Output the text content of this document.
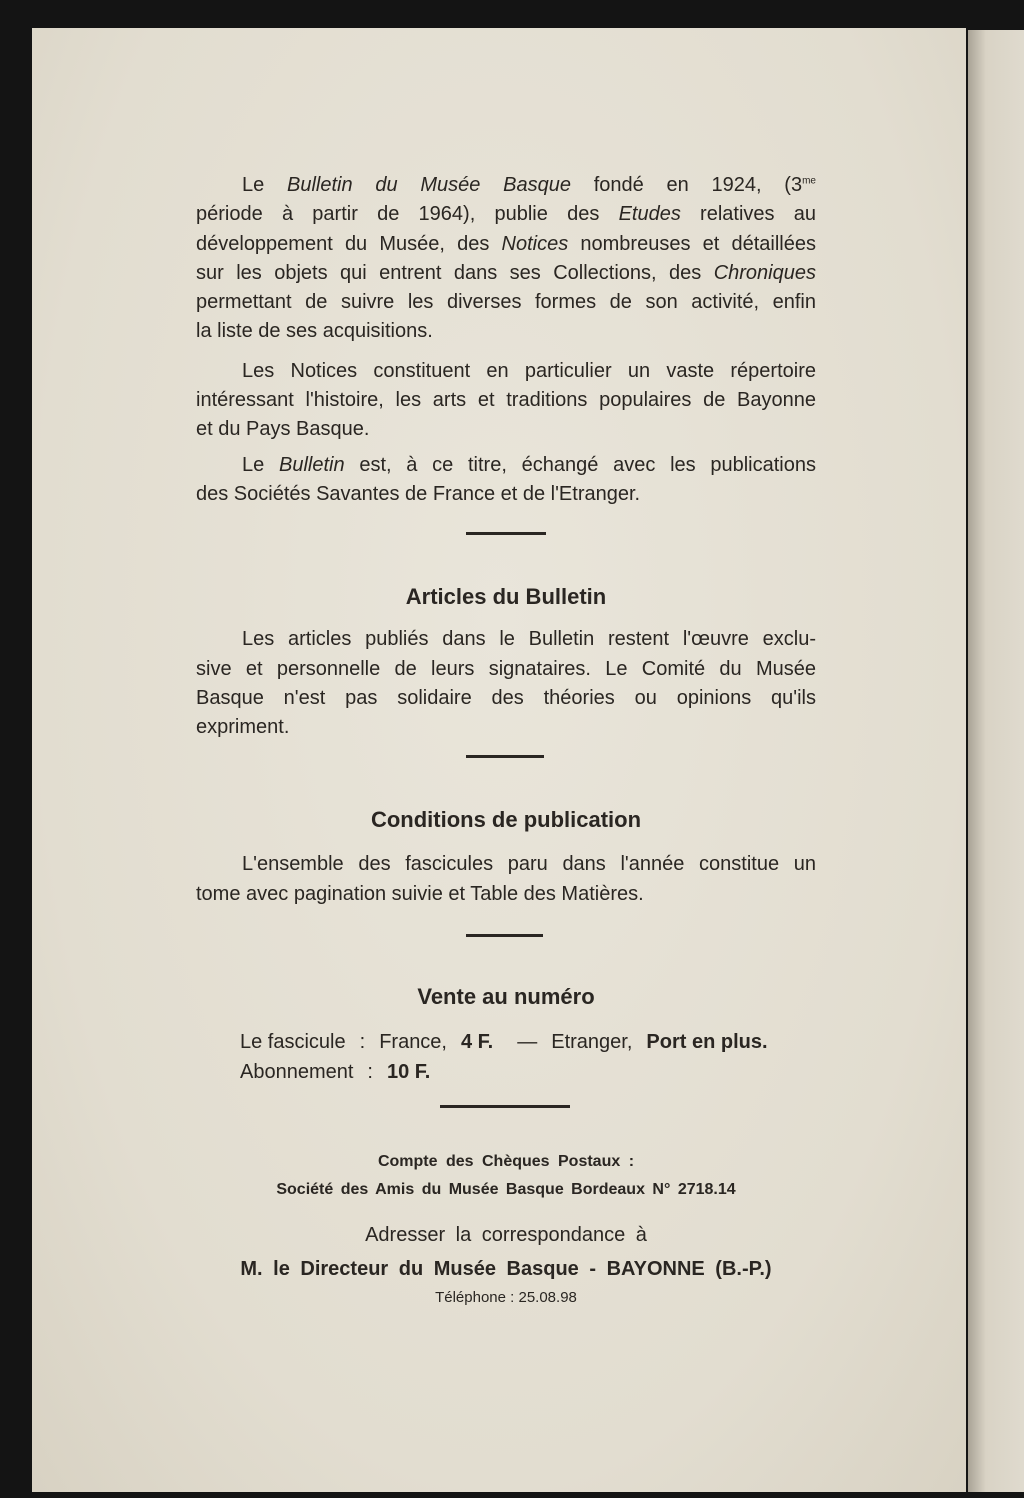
Le Bulletin du Musée Basque fondé en 1924, ($3^{me}$
période à partir de 1964), publie des Etudes relatives au
développement du Musée, des Notices nombreuses et détaillées
sur les objets qui entrent dans ses Collections, des Chroniques
permettant de suivre les diverses formes de son activité, enfin
la liste de ses acquisitions.
Les Notices constituent en particulier un vaste répertoire
intéressant l'histoire, les arts et traditions populaires de Bayonne
et du Pays Basque.
Le Bulletin est, à ce titre, échangé avec les publications
des Sociétés Savantes de France et de l'Etranger.
Articles du Bulletin
Les articles publiés dans le Bulletin restent l'œuvre exclu-
sive et personnelle de leurs signataires. Le Comité du Musée
Basque n'est pas solidaire des théories ou opinions qu'ils
expriment.
Conditions de publication
L'ensemble des fascicules paru dans l'année constitue un
tome avec pagination suivie et Table des Matières.
Vente au numéro
Le fascicule : France, 4 F. — Etranger, Port en plus.
Abonnement : 10 F.
Compte des Chèques Postaux :
Société des Amis du Musée Basque Bordeaux N° 2718.14
Adresser la correspondance à
M. le Directeur du Musée Basque - BAYONNE (B.-P.)
Téléphone : 25.08.98
